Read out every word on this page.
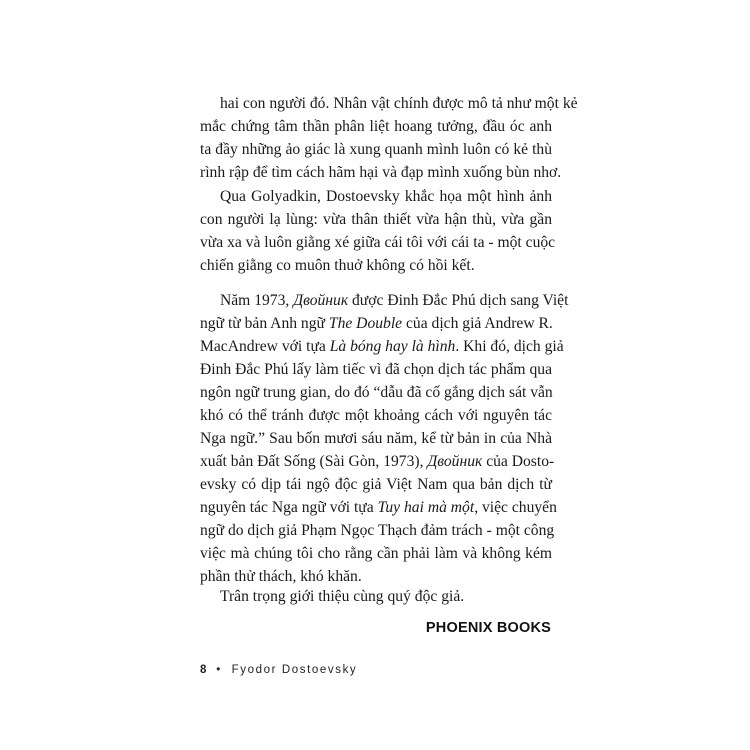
hai con người đó. Nhân vật chính được mô tả như một kẻ
mắc chứng tâm thần phân liệt hoang tưởng, đầu óc anh
ta đầy những ảo giác là xung quanh mình luôn có kẻ thù
rình rập để tìm cách hãm hại và đạp mình xuống bùn nhơ.
Qua Golyadkin, Dostoevsky khắc họa một hình ảnh
con người lạ lùng: vừa thân thiết vừa hận thù, vừa gần
vừa xa và luôn giằng xé giữa cái tôi với cái ta - một cuộc
chiến giằng co muôn thuở không có hồi kết.
Năm 1973, Двойник được Đinh Đắc Phú dịch sang Việt
ngữ từ bản Anh ngữ The Double của dịch giả Andrew R.
MacAndrew với tựa Là bóng hay là hình. Khi đó, dịch giả
Đinh Đắc Phú lấy làm tiếc vì đã chọn dịch tác phẩm qua
ngôn ngữ trung gian, do đó “dẫu đã cố gắng dịch sát vẫn
khó có thể tránh được một khoảng cách với nguyên tác
Nga ngữ.” Sau bốn mươi sáu năm, kể từ bản in của Nhà
xuất bản Đất Sống (Sài Gòn, 1973), Двойник của Dosto-
evsky có dịp tái ngộ độc giả Việt Nam qua bản dịch từ
nguyên tác Nga ngữ với tựa Tuy hai mà một, việc chuyển
ngữ do dịch giả Phạm Ngọc Thạch đảm trách - một công
việc mà chúng tôi cho rằng cần phải làm và không kém
phần thử thách, khó khăn.
Trân trọng giới thiệu cùng quý độc giả.
PHOENIX BOOKS
8 • Fyodor Dostoevsky
